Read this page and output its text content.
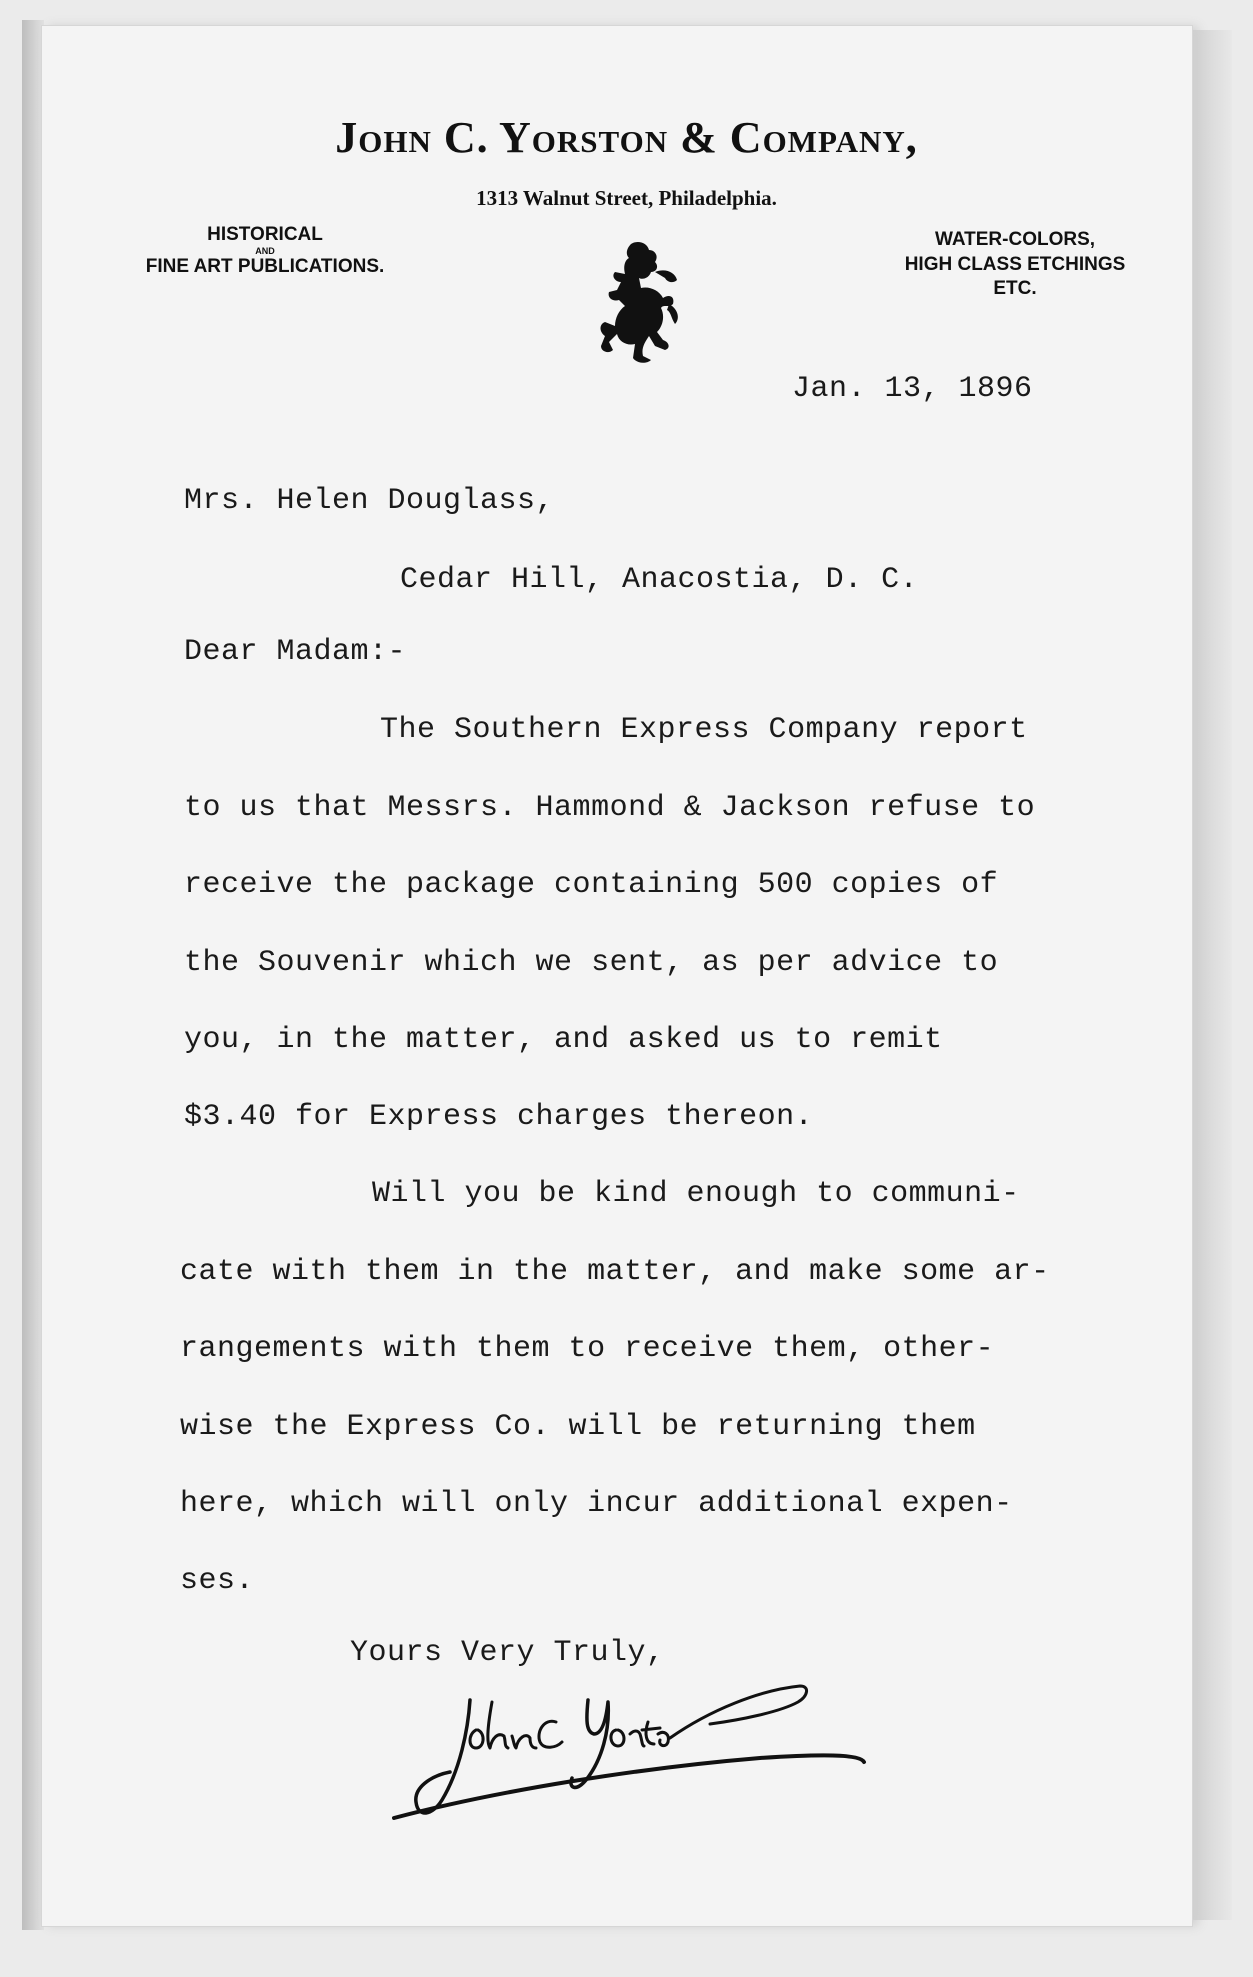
John C. Yorston & Company,
1313 Walnut Street, Philadelphia.
HISTORICAL
AND
FINE ART PUBLICATIONS.
WATER-COLORS,
HIGH CLASS ETCHINGS
ETC.
Jan. 13, 1896
Mrs. Helen Douglass,
Cedar Hill, Anacostia, D. C.
Dear Madam:-
The Southern Express Company report
to us that Messrs. Hammond & Jackson refuse to
receive the package containing 500 copies of
the Souvenir which we sent, as per advice to
you, in the matter, and asked us to remit
$3.40 for Express charges thereon.
Will you be kind enough to communi-
cate with them in the matter, and make some ar-
rangements with them to receive them, other-
wise the Express Co. will be returning them
here, which will only incur additional expen-
ses.
Yours Very Truly,
